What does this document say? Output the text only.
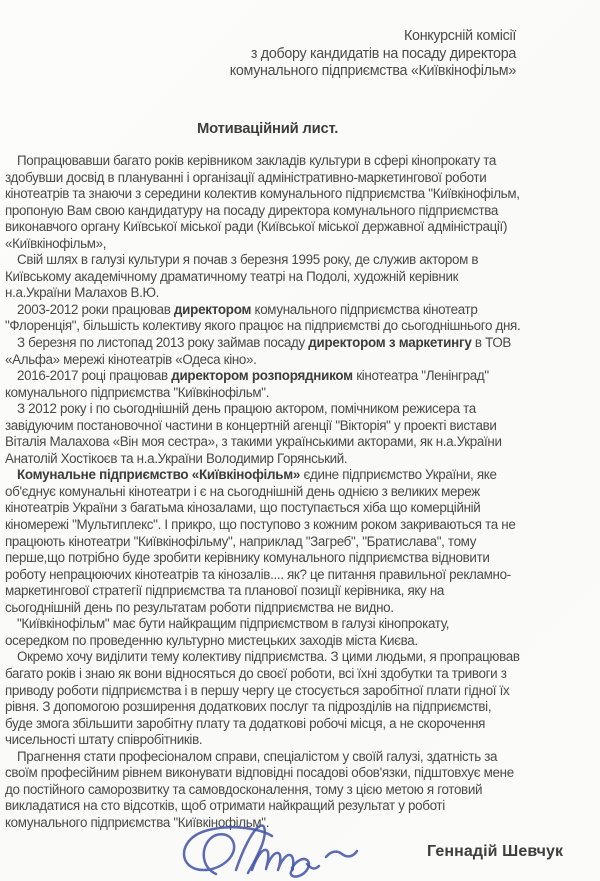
Конкурсній комісії
з добору кандидатів на посаду директора
комунального підприємства «Київкінофільм»
Мотиваційний лист.
Попрацювавши багато років керівником закладів культури в сфері кінопрокату та
здобувши досвід в плануванні і організації адміністративно-маркетингової роботи
кінотеатрів та знаючи з середини колектив комунального підприємства "Київкінофільм,
пропоную Вам свою кандидатуру на посаду директора комунального підприємства
виконавчого органу Київської міської ради (Київської міської державної адміністрації)
«Київкінофільм»,
Свій шлях в галузі культури я почав з березня 1995 року, де служив актором в
Київському академічному драматичному театрі на Подолі, художній керівник
н.а.України Малахов В.Ю.
2003-2012 роки працював директором комунального підприємства кінотеатр
"Флоренція", більшість колективу якого працює на підприємстві до сьогоднішнього дня.
З березня по листопад 2013 року займав посаду директором з маркетингу в ТОВ
«Альфа» мережі кінотеатрів «Одеса кіно».
2016-2017 році працював директором розпорядником кінотеатра "Ленінград"
комунального підприємства "Київкінофільм".
З 2012 року і по сьогоднішній день працюю актором, помічником режисера та
завідуючим постановочної частини в концертній агенції "Вікторія" у проекті вистави
Віталія Малахова «Він моя сестра», з такими українськими акторами, як н.а.України
Анатолій Хостікоєв та н.а.України Володимир Горянський.
Комунальне підприємство «Київкінофільм» єдине підприємство України, яке
об'єднує комунальні кінотеатри і є на сьогоднішній день однією з великих мереж
кінотеатрів України з багатьма кінозалами, що поступається хіба що комерційній
кіномережі "Мультиплекс". І прикро, що поступово з кожним роком закриваються та не
працюють кінотеатри "Київкінофільму", наприклад "Загреб", "Братислава", тому
перше,що потрібно буде зробити керівнику комунального підприємства відновити
роботу непрацюючих кінотеатрів та кінозалів.... як? це питання правильної рекламно-
маркетингової стратегії підприємства та планової позиції керівника, яку на
сьогоднішній день по результатам роботи підприємства не видно.
"Київкінофільм" має бути найкращим підприємством в галузі кінопрокату,
осередком по проведенню культурно мистецьких заходів міста Києва.
Окремо хочу виділити тему колективу підприємства. З цими людьми, я пропрацював
багато років і знаю як вони відносяться до своєї роботи, всі їхні здобутки та тривоги з
приводу роботи підприємства і в першу чергу це стосується заробітної плати гідної їх
рівня. З допомогою розширення додаткових послуг та підрозділів на підприємстві,
буде змога збільшити заробітну плату та додаткові робочі місця, а не скорочення
чисельності штату співробітників.
Прагнення стати професіоналом справи, спеціалістом у своїй галузі, здатність за
своїм професійним рівнем виконувати відповідні посадові обов'язки, підштовхує мене
до постійного саморозвитку та самовдосконалення, тому з цією метою я готовий
викладатися на сто відсотків, щоб отримати найкращий результат у роботі
комунального підприємства "Київкінофільм".
Геннадій Шевчук
